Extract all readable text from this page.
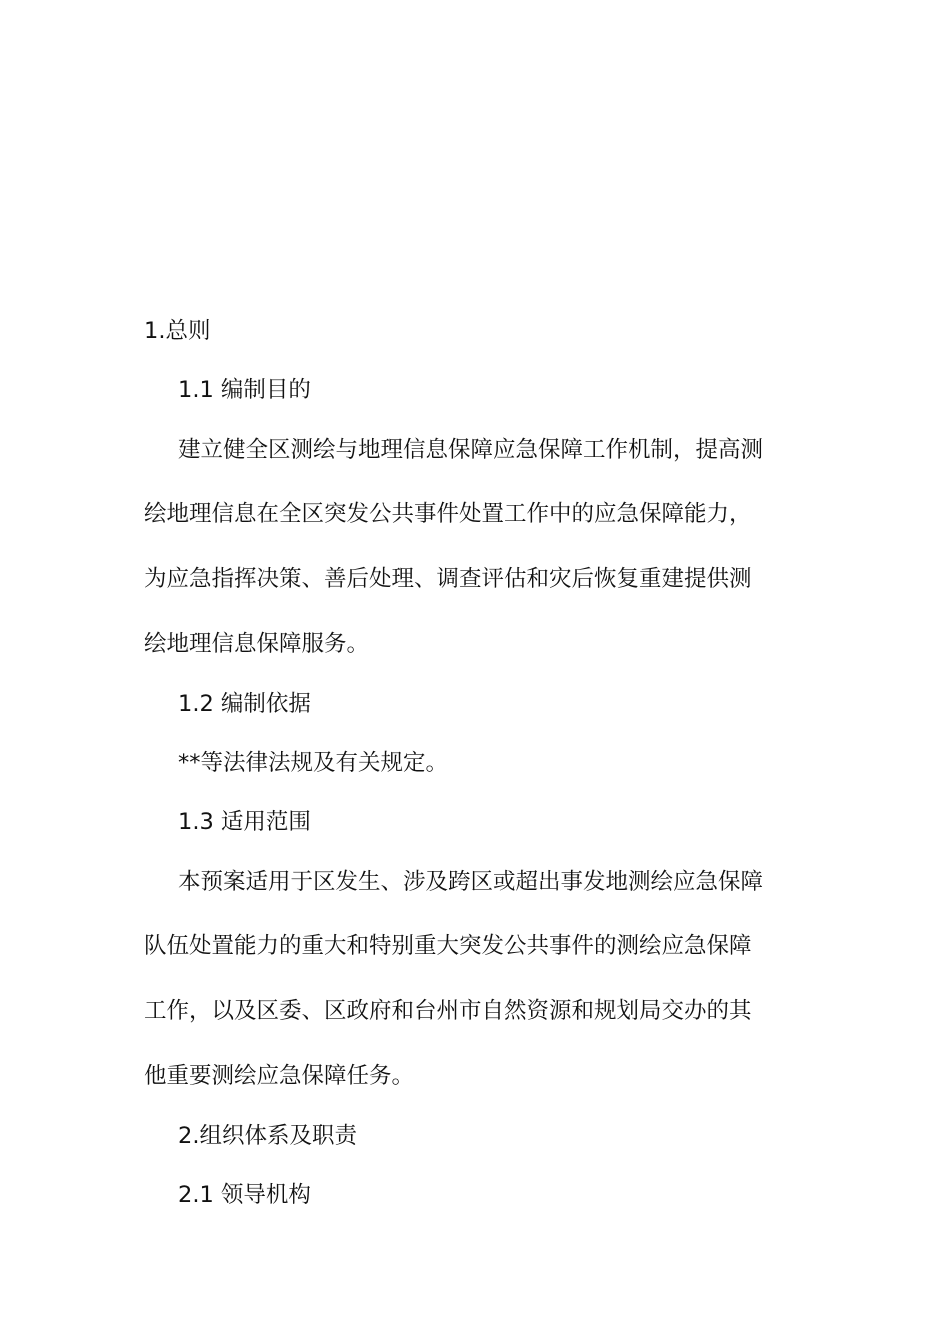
1.总则
1.1 编制目的
建立健全区测绘与地理信息保障应急保障工作机制，提高测
绘地理信息在全区突发公共事件处置工作中的应急保障能力，
为应急指挥决策、善后处理、调查评估和灾后恢复重建提供测
绘地理信息保障服务。
1.2 编制依据
**等法律法规及有关规定。
1.3 适用范围
本预案适用于区发生、涉及跨区或超出事发地测绘应急保障
队伍处置能力的重大和特别重大突发公共事件的测绘应急保障
工作，以及区委、区政府和台州市自然资源和规划局交办的其
他重要测绘应急保障任务。
2.组织体系及职责
2.1 领导机构
